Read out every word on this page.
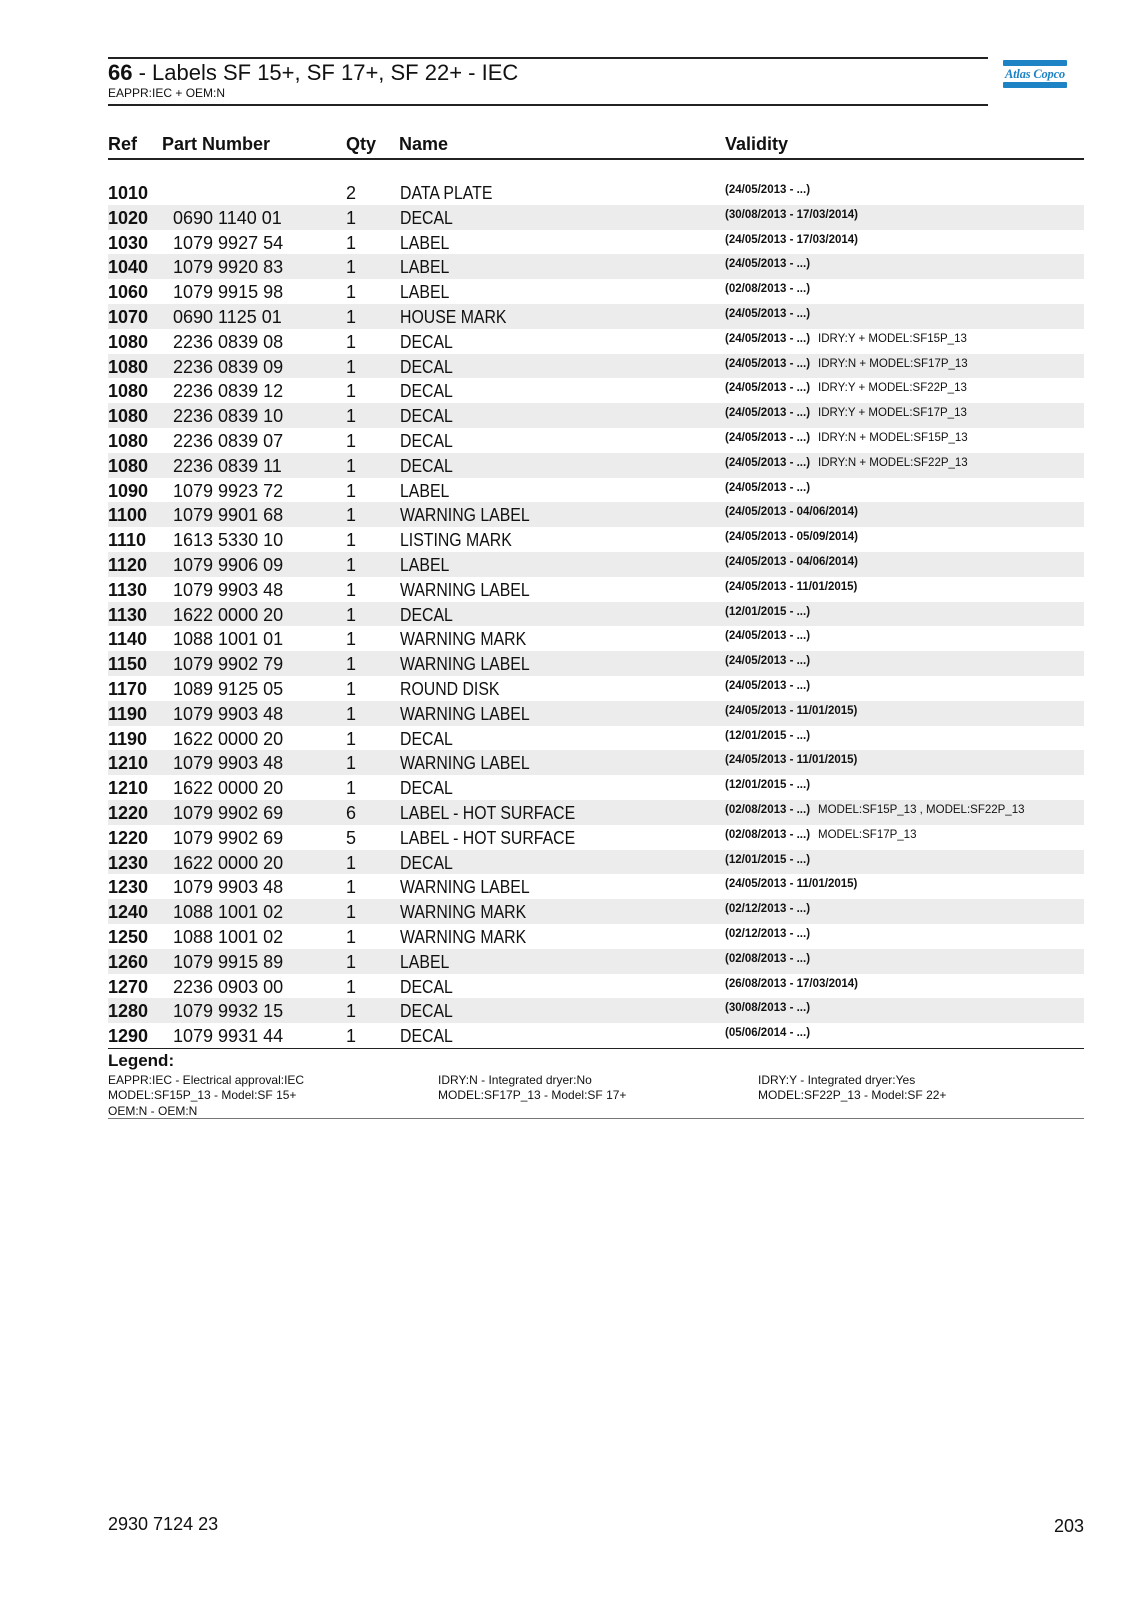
66 - Labels SF 15+, SF 17+, SF 22+ - IEC
EAPPR:IEC + OEM:N
Atlas Copco
Ref Part Number	Qty Name	Validity
1010	2 DATA PLATE	(24/05/2013 - ...)
1020 0690 1140 01	1 DECAL	(30/08/2013 - 17/03/2014)
1030 1079 9927 54	1 LABEL	(24/05/2013 - 17/03/2014)
1040 1079 9920 83	1 LABEL	(24/05/2013 - ...)
1060 1079 9915 98	1 LABEL	(02/08/2013 - ...)
1070 0690 1125 01	1 HOUSE MARK	(24/05/2013 - ...)
1080 2236 0839 08	1 DECAL	(24/05/2013 - ...) IDRY:Y + MODEL:SF15P_13
1080 2236 0839 09	1 DECAL	(24/05/2013 - ...) IDRY:N + MODEL:SF17P_13
1080 2236 0839 12	1 DECAL	(24/05/2013 - ...) IDRY:Y + MODEL:SF22P_13
1080 2236 0839 10	1 DECAL	(24/05/2013 - ...) IDRY:Y + MODEL:SF17P_13
1080 2236 0839 07	1 DECAL	(24/05/2013 - ...) IDRY:N + MODEL:SF15P_13
1080 2236 0839 11	1 DECAL	(24/05/2013 - ...) IDRY:N + MODEL:SF22P_13
1090 1079 9923 72	1 LABEL	(24/05/2013 - ...)
1100 1079 9901 68	1 WARNING LABEL	(24/05/2013 - 04/06/2014)
1110 1613 5330 10	1 LISTING MARK	(24/05/2013 - 05/09/2014)
1120 1079 9906 09	1 LABEL	(24/05/2013 - 04/06/2014)
1130 1079 9903 48	1 WARNING LABEL	(24/05/2013 - 11/01/2015)
1130 1622 0000 20	1 DECAL	(12/01/2015 - ...)
1140 1088 1001 01	1 WARNING MARK	(24/05/2013 - ...)
1150 1079 9902 79	1 WARNING LABEL	(24/05/2013 - ...)
1170 1089 9125 05	1 ROUND DISK	(24/05/2013 - ...)
1190 1079 9903 48	1 WARNING LABEL	(24/05/2013 - 11/01/2015)
1190 1622 0000 20	1 DECAL	(12/01/2015 - ...)
1210 1079 9903 48	1 WARNING LABEL	(24/05/2013 - 11/01/2015)
1210 1622 0000 20	1 DECAL	(12/01/2015 - ...)
1220 1079 9902 69	6 LABEL - HOT SURFACE	(02/08/2013 - ...) MODEL:SF15P_13 , MODEL:SF22P_13
1220 1079 9902 69	5 LABEL - HOT SURFACE	(02/08/2013 - ...) MODEL:SF17P_13
1230 1622 0000 20	1 DECAL	(12/01/2015 - ...)
1230 1079 9903 48	1 WARNING LABEL	(24/05/2013 - 11/01/2015)
1240 1088 1001 02	1 WARNING MARK	(02/12/2013 - ...)
1250 1088 1001 02	1 WARNING MARK	(02/12/2013 - ...)
1260 1079 9915 89	1 LABEL	(02/08/2013 - ...)
1270 2236 0903 00	1 DECAL	(26/08/2013 - 17/03/2014)
1280 1079 9932 15	1 DECAL	(30/08/2013 - ...)
1290 1079 9931 44	1 DECAL	(05/06/2014 - ...)
Legend:
EAPPR:IEC - Electrical approval:IEC
MODEL:SF15P_13 - Model:SF 15+
OEM:N - OEM:N
IDRY:N - Integrated dryer:No
MODEL:SF17P_13 - Model:SF 17+
IDRY:Y - Integrated dryer:Yes
MODEL:SF22P_13 - Model:SF 22+
2930 7124 23	203
